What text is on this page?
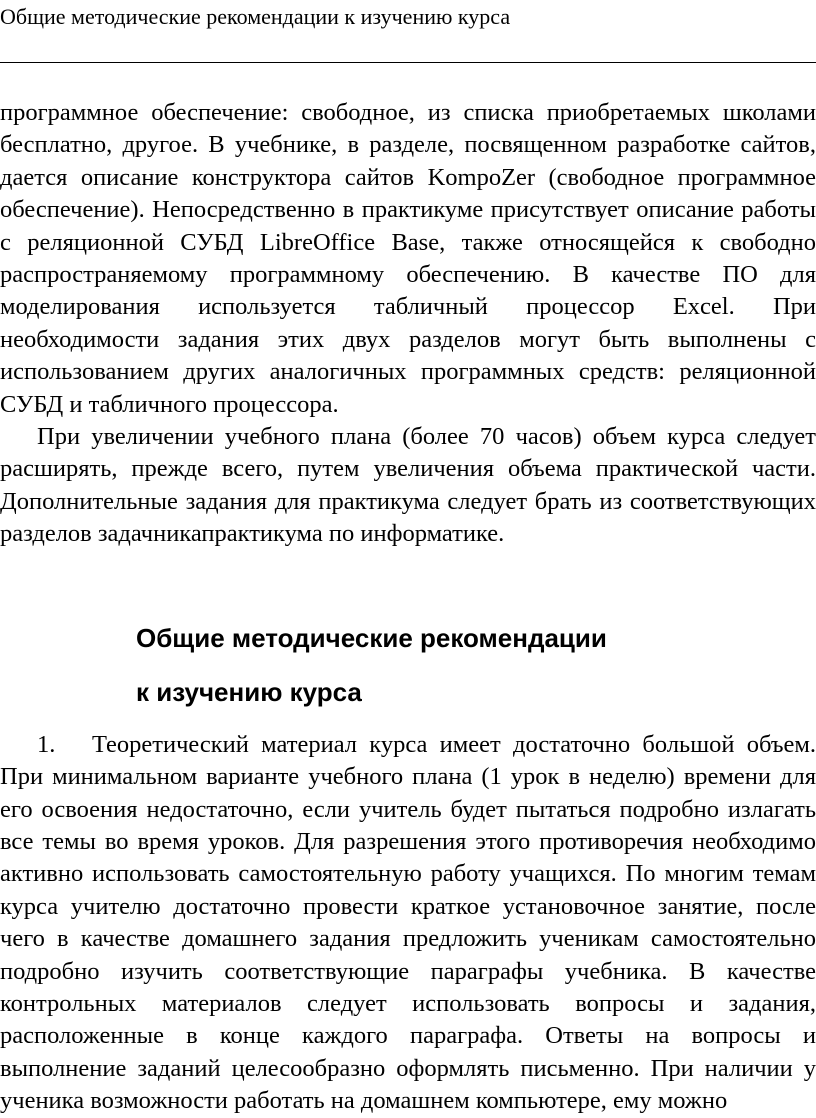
Общие методические рекомендации к изучению курса

программное обеспечение: свободное, из списка приобретаемых школами бесплатно, другое. В учебнике, в разделе, посвященном разработке сайтов, дается описание конструктора сайтов KompoZer (свободное программное обеспечение). Непосредственно в практикуме присутствует описание работы с реляционной СУБД LibreOffice Base, также относящейся к свободно распространяемому программному обеспечению. В качестве ПО для моделирования используется табличный процессор Excel. При необходимости задания этих двух разделов могут быть выполнены с использованием других аналогичных программных средств: реляционной СУБД и табличного процессора.

При увеличении учебного плана (более 70 часов) объем курса следует расширять, прежде всего, путем увеличения объема практической части. Дополнительные задания для практикума следует брать из соответствующих разделов задачникапрактикума по информатике.

Общие методические рекомендации
к изучению курса

1. Теоретический материал курса имеет достаточно большой объем. При минимальном варианте учебного плана (1 урок в неделю) времени для его освоения недостаточно, если учитель будет пытаться подробно излагать все темы во время уроков. Для разрешения этого противоречия необходимо активно использовать самостоятельную работу учащихся. По многим темам курса учителю достаточно провести краткое установочное занятие, после чего в качестве домашнего задания предложить ученикам самостоятельно подробно изучить соответствующие параграфы учебника. В качестве контрольных материалов следует использовать вопросы и задания, расположенные в конце каждого параграфа. Ответы на вопросы и выполнение заданий целесообразно оформлять письменно. При наличии у ученика возможности работать на домашнем компьютере, ему можно
